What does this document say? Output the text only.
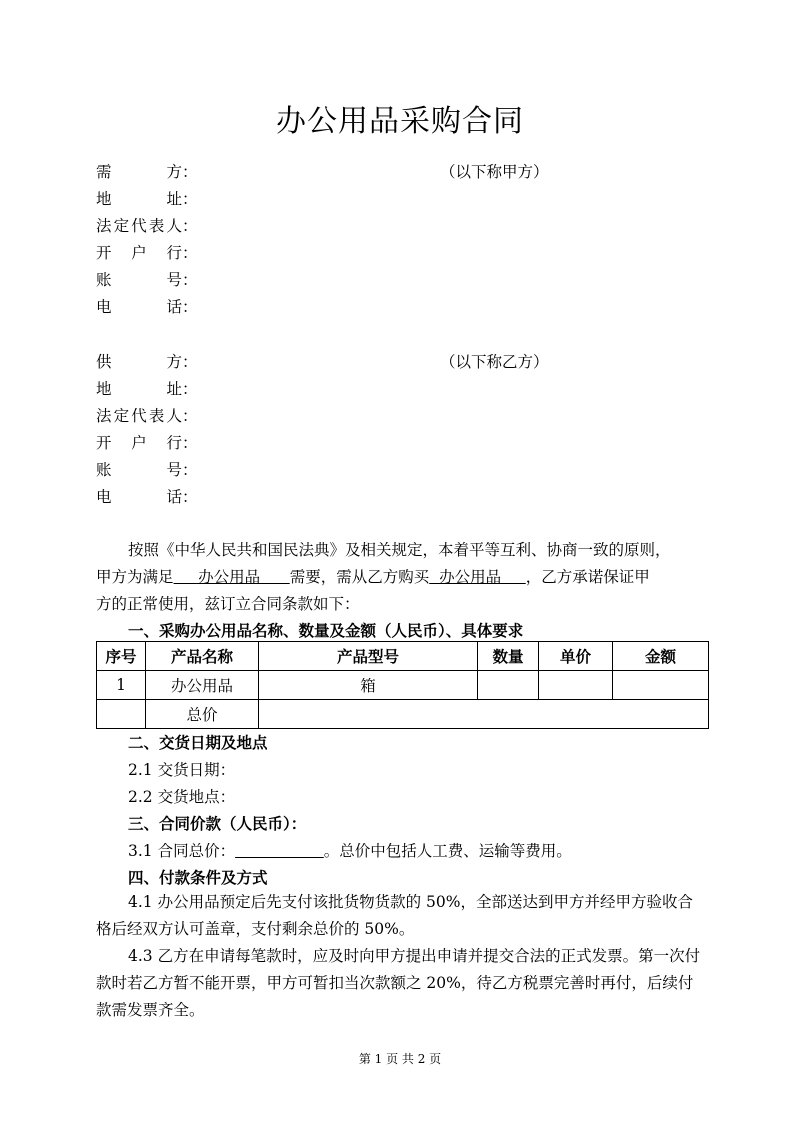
办公用品采购合同
需方：	（以下称甲方）
地址：
法定代表人：
开户行：
账号：
电话：
供方：	（以下称乙方）
地址：
法定代表人：
开户行：
账号：
电话：
按照《中华人民共和国民法典》及相关规定，本着平等互利、协商一致的原则，
甲方为满足     办公用品      需要，需从乙方购买  办公用品     ，乙方承诺保证甲
方的正常使用，兹订立合同条款如下：
一、采购办公用品名称、数量及金额（人民币）、具体要求
序号	产品名称	产品型号	数量	单价	金额
1	办公用品	箱			
	总价				
二、交货日期及地点
2.1 交货日期：
2.2 交货地点：
三、合同价款（人民币）：
3.1 合同总价：	。总价中包括人工费、运输等费用。
四、付款条件及方式
4.1 办公用品预定后先支付该批货物货款的 50%，全部送达到甲方并经甲方验收合格后经双方认可盖章，支付剩余总价的 50%。
4.3 乙方在申请每笔款时，应及时向甲方提出申请并提交合法的正式发票。第一次付款时若乙方暂不能开票，甲方可暂扣当次款额之 20%，待乙方税票完善时再付，后续付款需发票齐全。
第 1 页 共 2 页
